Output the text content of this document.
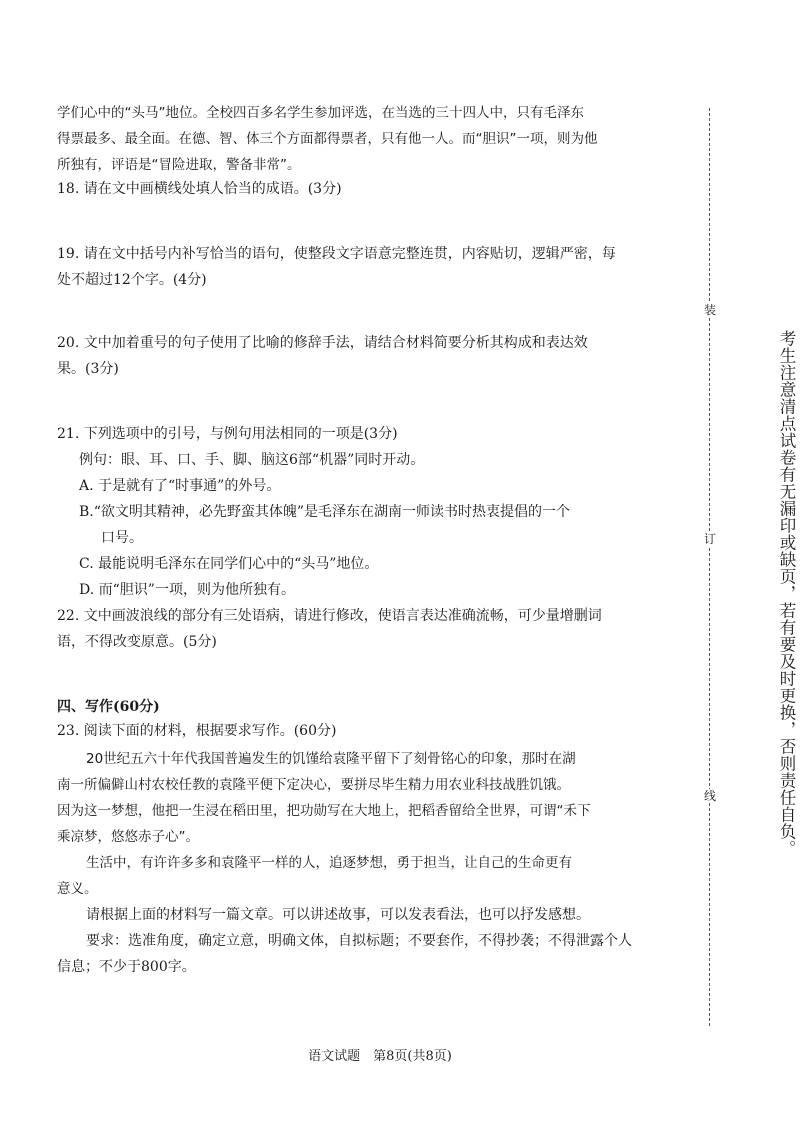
学们心中的“头马”地位。全校四百多名学生参加评选，在当选的三十四人中，只有毛泽东
得票最多、最全面。在德、智、体三个方面都得票者，只有他一人。而“胆识”一项，则为他
所独有，评语是“冒险进取，警备非常”。
18. 请在文中画横线处填人恰当的成语。(3分)
19. 请在文中括号内补写恰当的语句，使整段文字语意完整连贯，内容贴切，逻辑严密，每
处不超过12个字。(4分)
20. 文中加着重号的句子使用了比喻的修辞手法，请结合材料简要分析其构成和表达效
果。(3分)
21. 下列选项中的引号，与例句用法相同的一项是(3分)
例句：眼、耳、口、手、脚、脑这6部“机器”同时开动。
A. 于是就有了“时事通”的外号。
B.“欲文明其精神，必先野蛮其体魄”是毛泽东在湖南一师读书时热衷提倡的一个
口号。
C. 最能说明毛泽东在同学们心中的“头马”地位。
D. 而“胆识”一项，则为他所独有。
22. 文中画波浪线的部分有三处语病，请进行修改，使语言表达准确流畅，可少量增删词
语，不得改变原意。(5分)
四、写作(60分)
23. 阅读下面的材料，根据要求写作。(60分)
20世纪五六十年代我国普遍发生的饥馑给袁隆平留下了刻骨铭心的印象，那时在湖
南一所偏僻山村农校任教的袁隆平便下定决心，要拼尽毕生精力用农业科技战胜饥饿。
因为这一梦想，他把一生浸在稻田里，把功勋写在大地上，把稻香留给全世界，可谓“禾下
乘凉梦，悠悠赤子心”。
生活中，有许许多多和袁隆平一样的人，追逐梦想，勇于担当，让自己的生命更有
意义。
请根据上面的材料写一篇文章。可以讲述故事，可以发表看法，也可以抒发感想。
要求：选准角度，确定立意，明确文体，自拟标题；不要套作，不得抄袭；不得泄露个人
信息；不少于800字。
装
订
线	考生注意清点试卷有无漏印或缺页，若有要及时更换，否则责任自负。
语文试题　第8页(共8页)
